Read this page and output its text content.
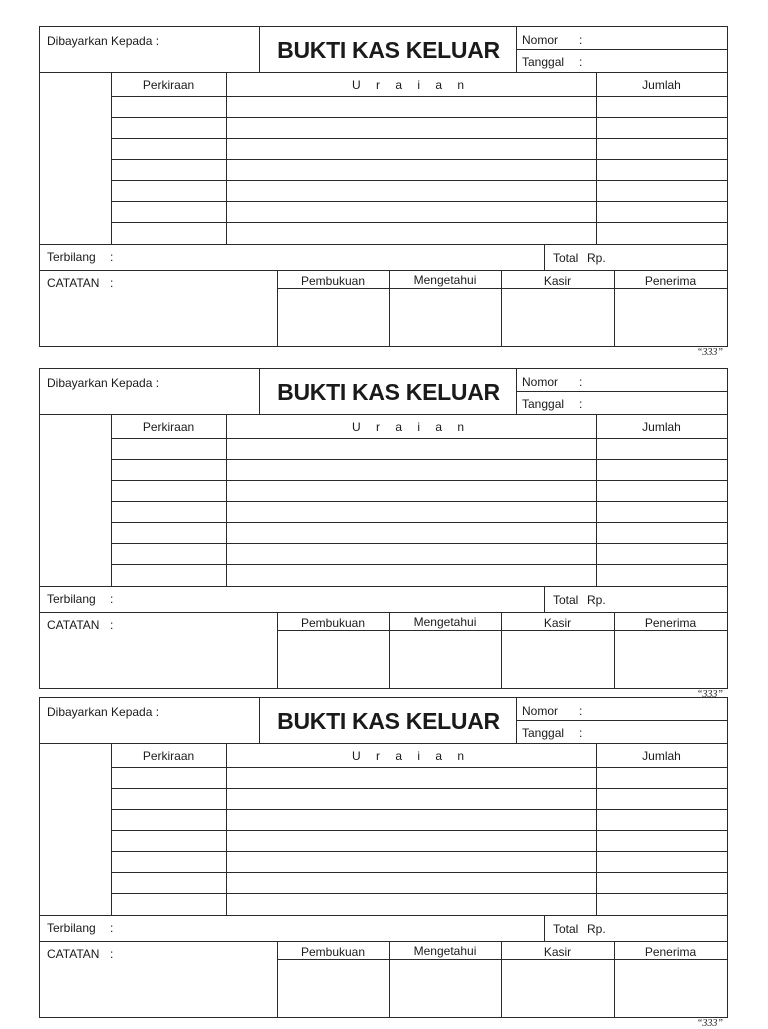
Dibayarkan Kepada :	BUKTI KAS KELUAR	Nomor :
Tanggal :
Perkiraan	U r a i a n	Jumlah
Terbilang :	Total Rp.
CATATAN :	Pembukuan	Mengetahui	Kasir	Penerima
“333”
Dibayarkan Kepada :	BUKTI KAS KELUAR	Nomor :
Tanggal :
Perkiraan	U r a i a n	Jumlah
Terbilang :	Total Rp.
CATATAN :	Pembukuan	Mengetahui	Kasir	Penerima
“333”
Dibayarkan Kepada :	BUKTI KAS KELUAR	Nomor :
Tanggal :
Perkiraan	U r a i a n	Jumlah
Terbilang :	Total Rp.
CATATAN :	Pembukuan	Mengetahui	Kasir	Penerima
“333”
